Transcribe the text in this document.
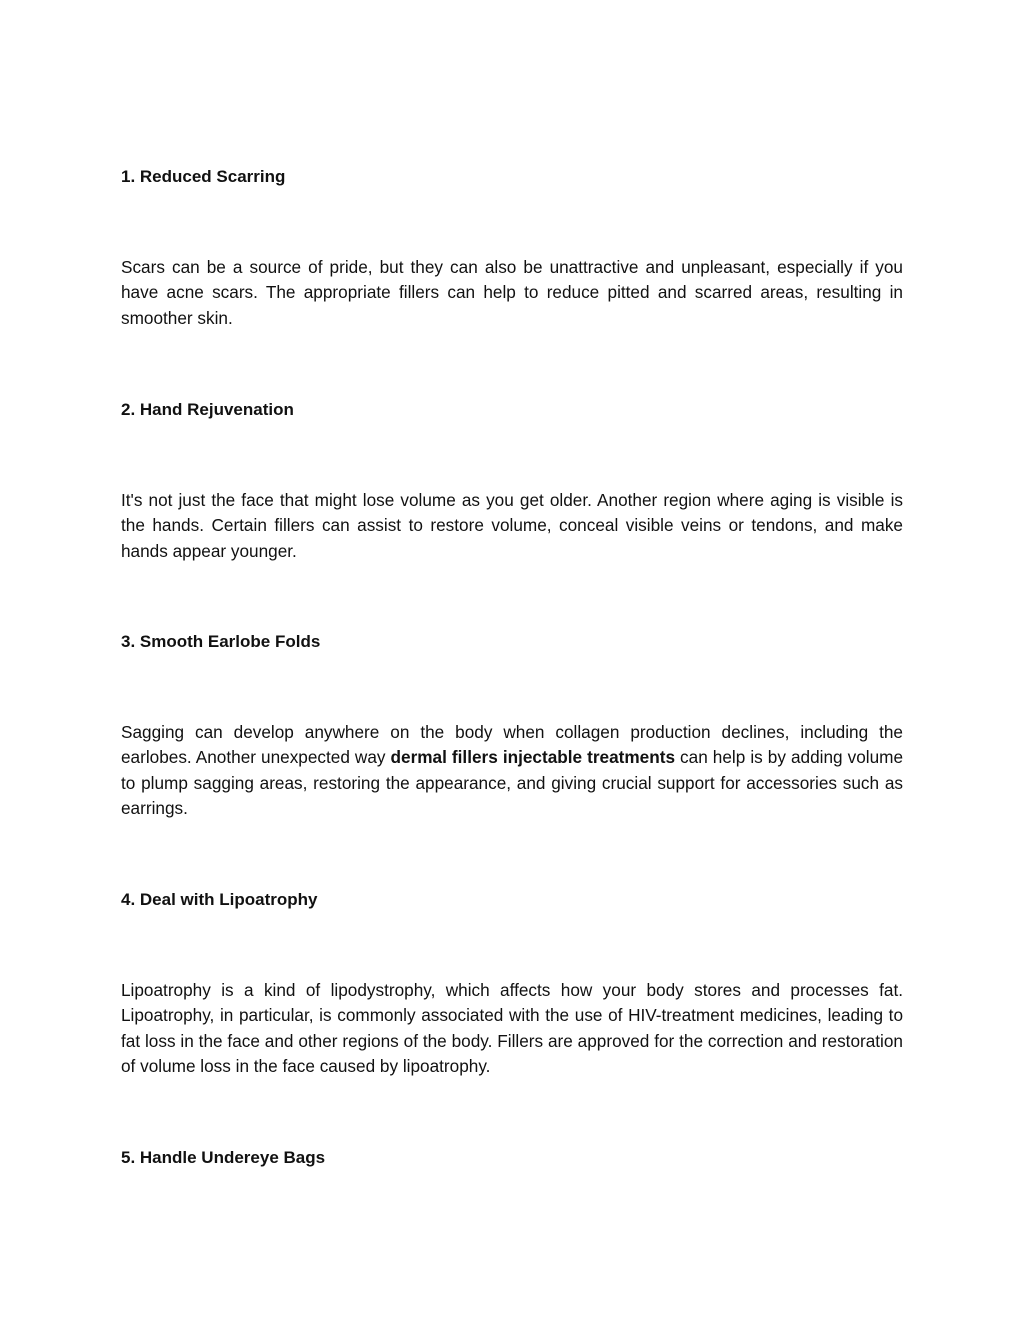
1. Reduced Scarring

Scars can be a source of pride, but they can also be unattractive and unpleasant, especially if you have acne scars. The appropriate fillers can help to reduce pitted and scarred areas, resulting in smoother skin.

2. Hand Rejuvenation

It's not just the face that might lose volume as you get older. Another region where aging is visible is the hands. Certain fillers can assist to restore volume, conceal visible veins or tendons, and make hands appear younger.

3. Smooth Earlobe Folds

Sagging can develop anywhere on the body when collagen production declines, including the earlobes. Another unexpected way dermal fillers injectable treatments can help is by adding volume to plump sagging areas, restoring the appearance, and giving crucial support for accessories such as earrings.

4. Deal with Lipoatrophy

Lipoatrophy is a kind of lipodystrophy, which affects how your body stores and processes fat. Lipoatrophy, in particular, is commonly associated with the use of HIV-treatment medicines, leading to fat loss in the face and other regions of the body. Fillers are approved for the correction and restoration of volume loss in the face caused by lipoatrophy.

5. Handle Undereye Bags
